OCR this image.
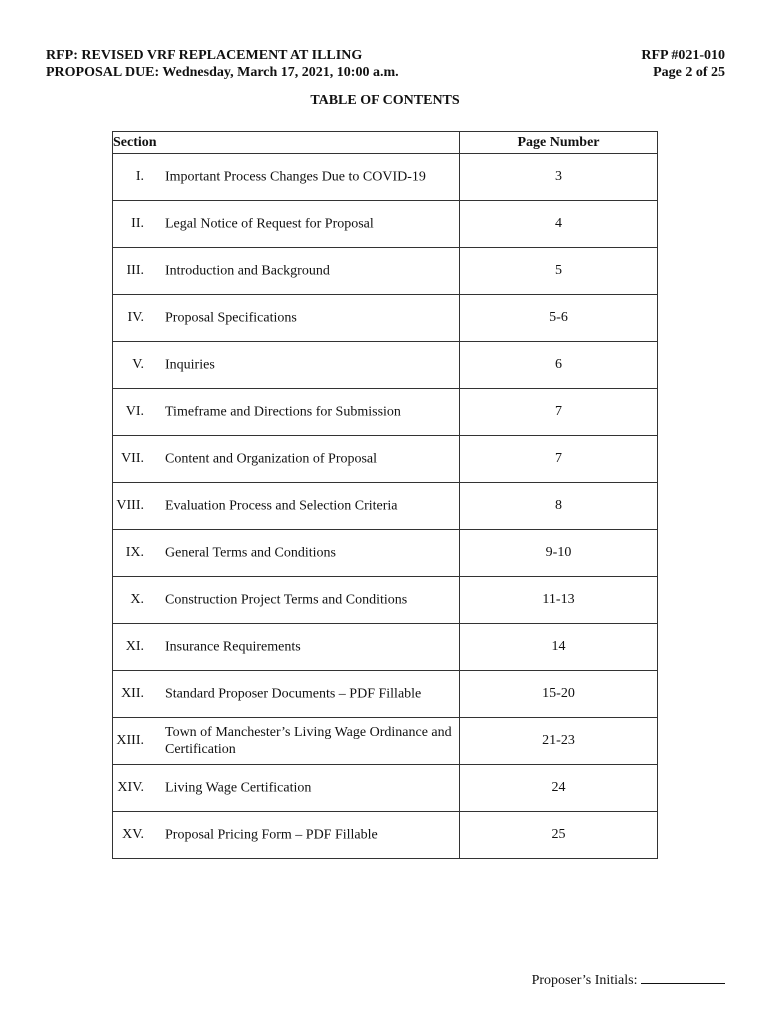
RFP: REVISED VRF REPLACEMENT AT ILLING
PROPOSAL DUE: Wednesday, March 17, 2021, 10:00 a.m.
RFP #021-010
Page 2 of 25
TABLE OF CONTENTS
Section	Page Number

I. Important Process Changes Due to COVID-19	3

II. Legal Notice of Request for Proposal	4

III. Introduction and Background	5

IV. Proposal Specifications	5-6

V. Inquiries	6

VI. Timeframe and Directions for Submission	7

VII. Content and Organization of Proposal	7

VIII. Evaluation Process and Selection Criteria	8

IX. General Terms and Conditions	9-10

X. Construction Project Terms and Conditions	11-13

XI. Insurance Requirements	14

XII. Standard Proposer Documents – PDF Fillable	15-20

XIII.
Town of Manchester’s Living Wage Ordinance and Certification	21-23

XIV. Living Wage Certification	24

XV. Proposal Pricing Form – PDF Fillable	25
Proposer’s Initials:
